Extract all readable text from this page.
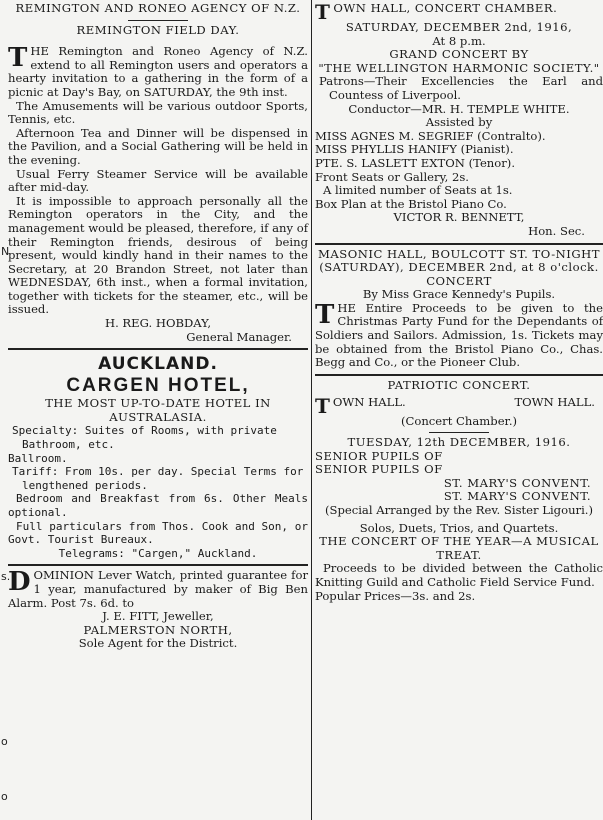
N
s.
o
o

REMINGTON AND RONEO AGENCY OF N.Z.

REMINGTON FIELD DAY.

THE Remington and Roneo Agency of N.Z. extend to all Remington users and operators a hearty invitation to a gathering in the form of a picnic at Day's Bay, on SATURDAY, the 9th inst.

The Amusements will be various outdoor Sports, Tennis, etc.

Afternoon Tea and Dinner will be dispensed in the Pavilion, and a Social Gathering will be held in the evening.

Usual Ferry Steamer Service will be available after mid-day.

It is impossible to approach personally all the Remington operators in the City, and the management would be pleased, therefore, if any of their Remington friends, desirous of being present, would kindly hand in their names to the Secretary, at 20 Brandon Street, not later than WEDNESDAY, 6th inst., when a formal invitation, together with tickets for the steamer, etc., will be issued.

H. REG. HOBDAY,

General Manager.

AUCKLAND.

CARGEN HOTEL,

THE MOST UP-TO-DATE HOTEL IN AUSTRALASIA.

Specialty: Suites of Rooms, with private Bathroom, etc.

Ballroom.

Tariff: From 10s. per day. Special Terms for lengthened periods.

Bedroom and Breakfast from 6s. Other Meals optional.

Full particulars from Thos. Cook and Son, or Govt. Tourist Bureaux.

Telegrams: "Cargen," Auckland.

DOMINION Lever Watch, printed guarantee for 1 year, manufactured by maker of Big Ben Alarm. Post 7s. 6d. to

J. E. FITT, Jeweller,

PALMERSTON NORTH,

Sole Agent for the District.

TOWN HALL, CONCERT CHAMBER.

SATURDAY, DECEMBER 2nd, 1916,

At 8 p.m.

GRAND CONCERT BY

"THE WELLINGTON HARMONIC SOCIETY."

Patrons—Their Excellencies the Earl and Countess of Liverpool.

Conductor—MR. H. TEMPLE WHITE.

Assisted by

MISS AGNES M. SEGRIEF (Contralto).

MISS PHYLLIS HANIFY (Pianist).

PTE. S. LASLETT EXTON (Tenor).

Front Seats or Gallery, 2s.

A limited number of Seats at 1s.

Box Plan at the Bristol Piano Co.

VICTOR R. BENNETT,

Hon. Sec.

MASONIC HALL, BOULCOTT ST. TO-NIGHT (SATURDAY), DECEMBER 2nd, at 8 o'clock.

CONCERT

By Miss Grace Kennedy's Pupils.

THE Entire Proceeds to be given to the Christmas Party Fund for the Dependants of Soldiers and Sailors. Admission, 1s. Tickets may be obtained from the Bristol Piano Co., Chas. Begg and Co., or the Pioneer Club.

PATRIOTIC CONCERT.

TOWN HALL.	TOWN HALL.

(Concert Chamber.)

TUESDAY, 12th DECEMBER, 1916.

SENIOR PUPILS OF

SENIOR PUPILS OF

ST. MARY'S CONVENT.

ST. MARY'S CONVENT.

(Special Arranged by the Rev. Sister Ligouri.)

Solos, Duets, Trios, and Quartets.

THE CONCERT OF THE YEAR—A MUSICAL TREAT.

Proceeds to be divided between the Catholic Knitting Guild and Catholic Field Service Fund.

Popular Prices—3s. and 2s.
